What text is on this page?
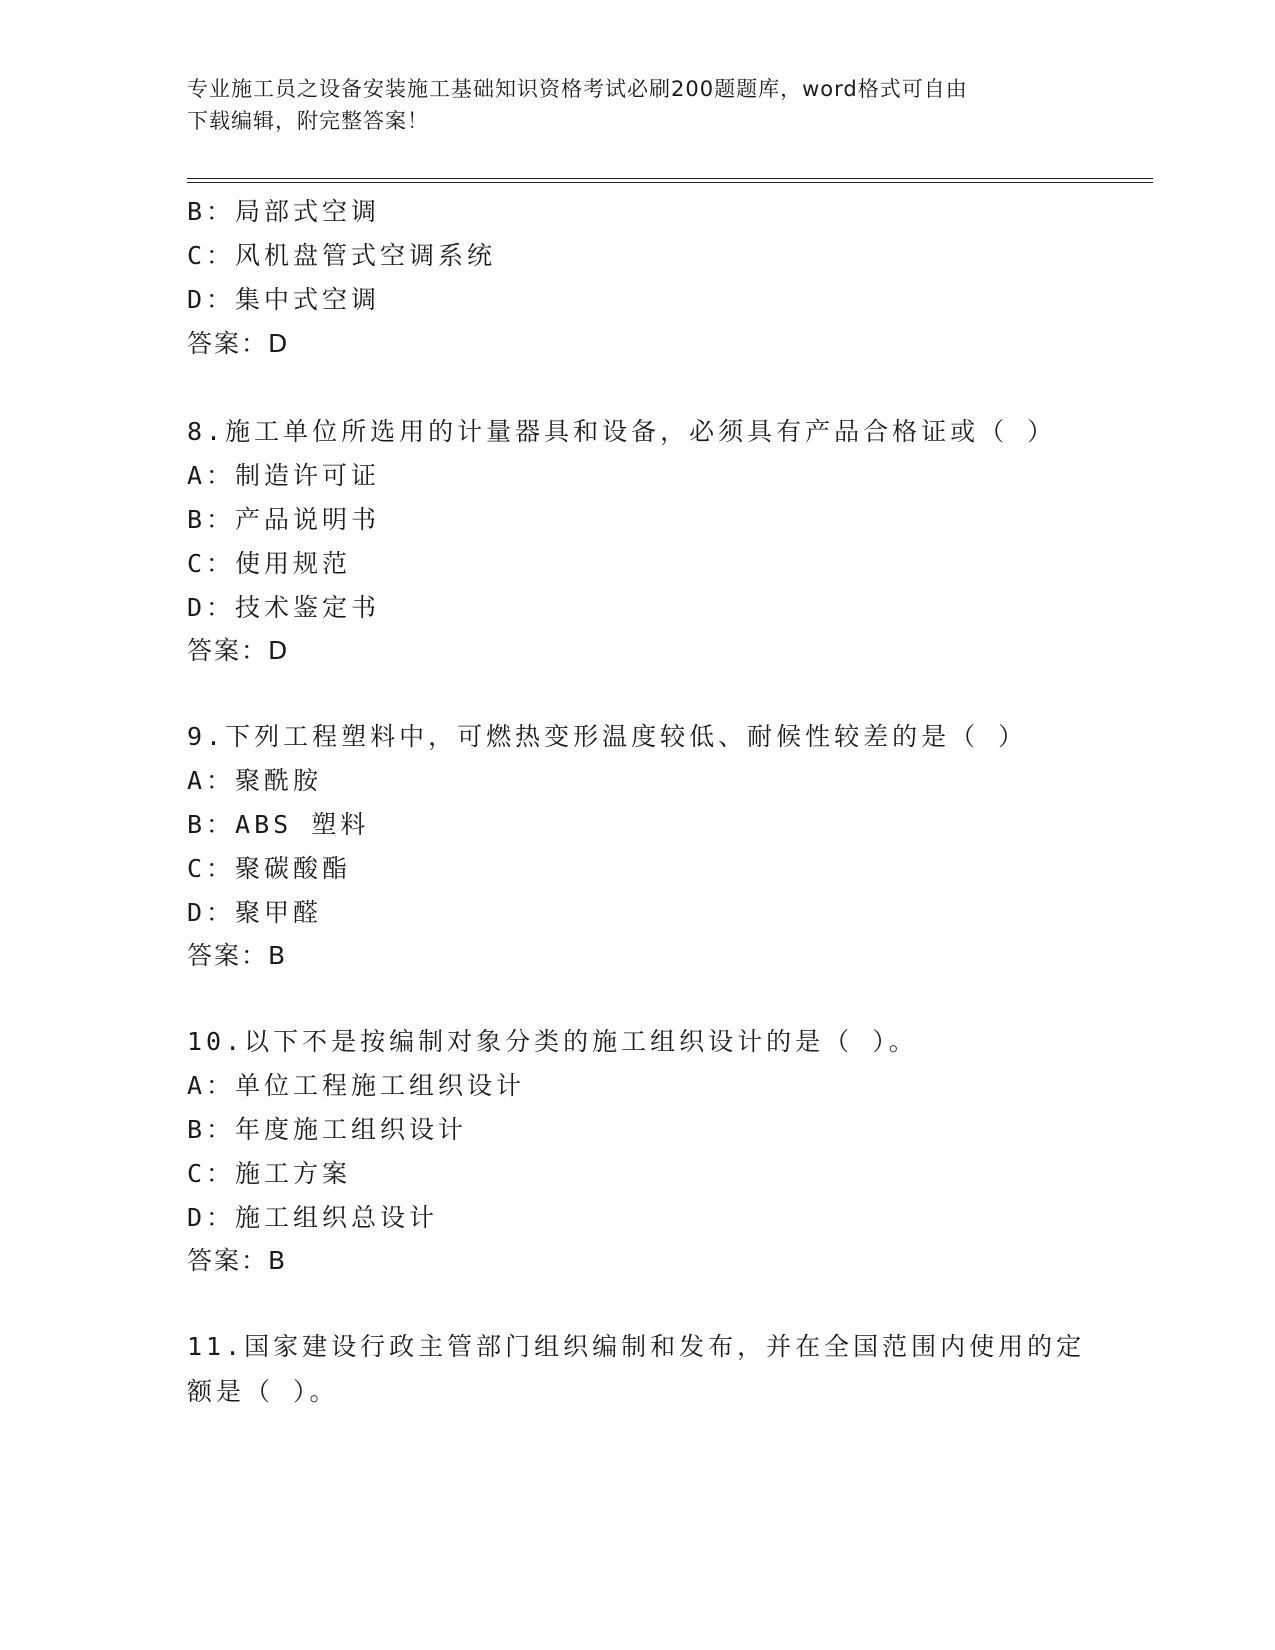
专业施工员之设备安装施工基础知识资格考试必刷200题题库，word格式可自由
下载编辑，附完整答案！
B：局部式空调
C：风机盘管式空调系统
D：集中式空调
答案：D
8.施工单位所选用的计量器具和设备，必须具有产品合格证或（ ）
A：制造许可证
B：产品说明书
C：使用规范
D：技术鉴定书
答案：D
9.下列工程塑料中，可燃热变形温度较低、耐候性较差的是（ ）
A：聚酰胺
B：ABS 塑料
C：聚碳酸酯
D：聚甲醛
答案：B
10.以下不是按编制对象分类的施工组织设计的是（ ）。
A：单位工程施工组织设计
B：年度施工组织设计
C：施工方案
D：施工组织总设计
答案：B
11.国家建设行政主管部门组织编制和发布，并在全国范围内使用的定
额是（ ）。
